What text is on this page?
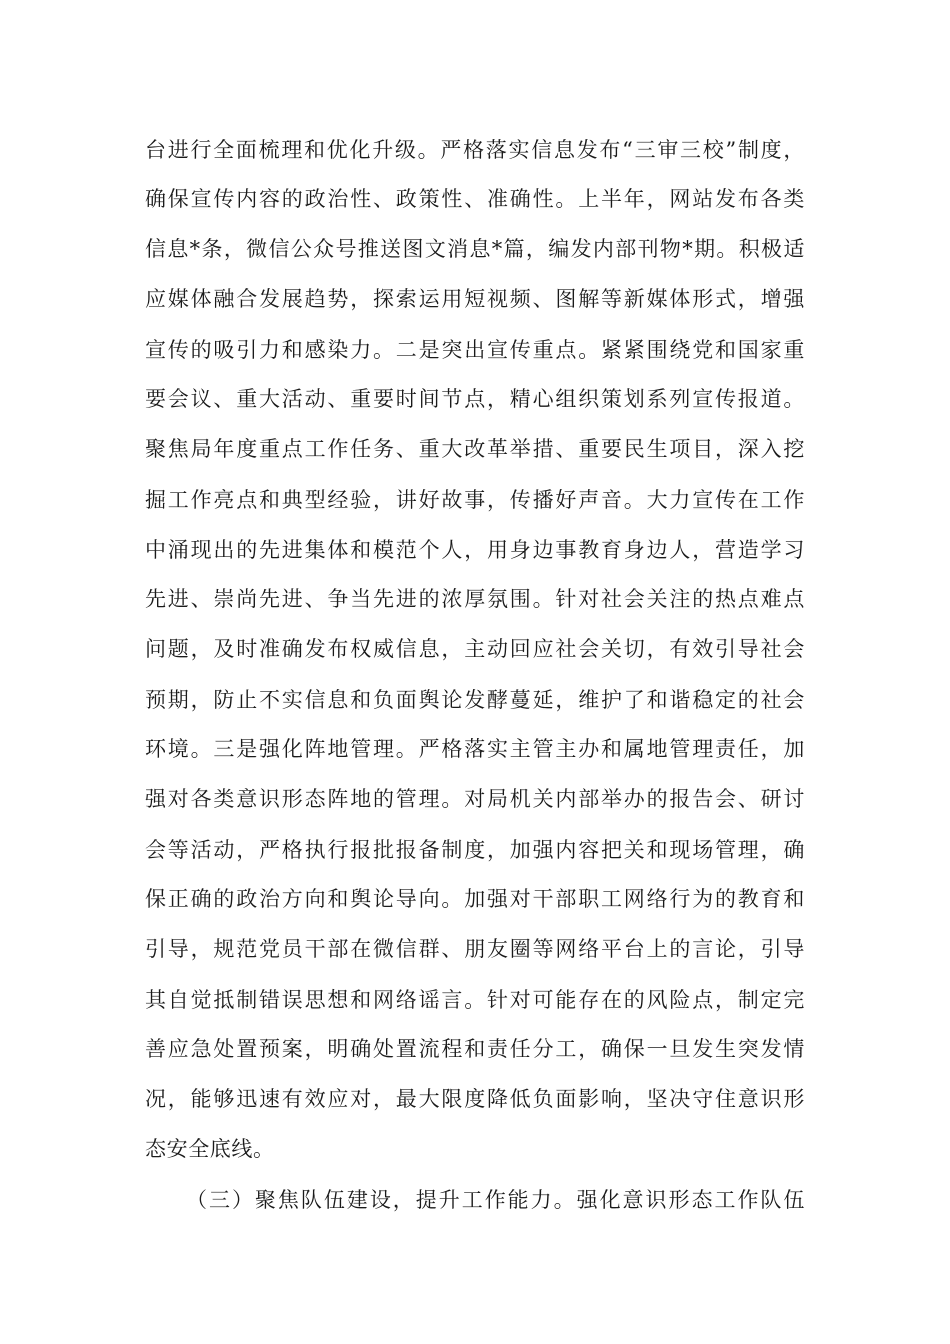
台进行全面梳理和优化升级。严格落实信息发布“三审三校”制度，
确保宣传内容的政治性、政策性、准确性。上半年，网站发布各类
信息*条，微信公众号推送图文消息*篇，编发内部刊物*期。积极适
应媒体融合发展趋势，探索运用短视频、图解等新媒体形式，增强
宣传的吸引力和感染力。二是突出宣传重点。紧紧围绕党和国家重
要会议、重大活动、重要时间节点，精心组织策划系列宣传报道。
聚焦局年度重点工作任务、重大改革举措、重要民生项目，深入挖
掘工作亮点和典型经验，讲好故事，传播好声音。大力宣传在工作
中涌现出的先进集体和模范个人，用身边事教育身边人，营造学习
先进、崇尚先进、争当先进的浓厚氛围。针对社会关注的热点难点
问题，及时准确发布权威信息，主动回应社会关切，有效引导社会
预期，防止不实信息和负面舆论发酵蔓延，维护了和谐稳定的社会
环境。三是强化阵地管理。严格落实主管主办和属地管理责任，加
强对各类意识形态阵地的管理。对局机关内部举办的报告会、研讨
会等活动，严格执行报批报备制度，加强内容把关和现场管理，确
保正确的政治方向和舆论导向。加强对干部职工网络行为的教育和
引导，规范党员干部在微信群、朋友圈等网络平台上的言论，引导
其自觉抵制错误思想和网络谣言。针对可能存在的风险点，制定完
善应急处置预案，明确处置流程和责任分工，确保一旦发生突发情
况，能够迅速有效应对，最大限度降低负面影响，坚决守住意识形
态安全底线。
（三）聚焦队伍建设，提升工作能力。强化意识形态工作队伍
